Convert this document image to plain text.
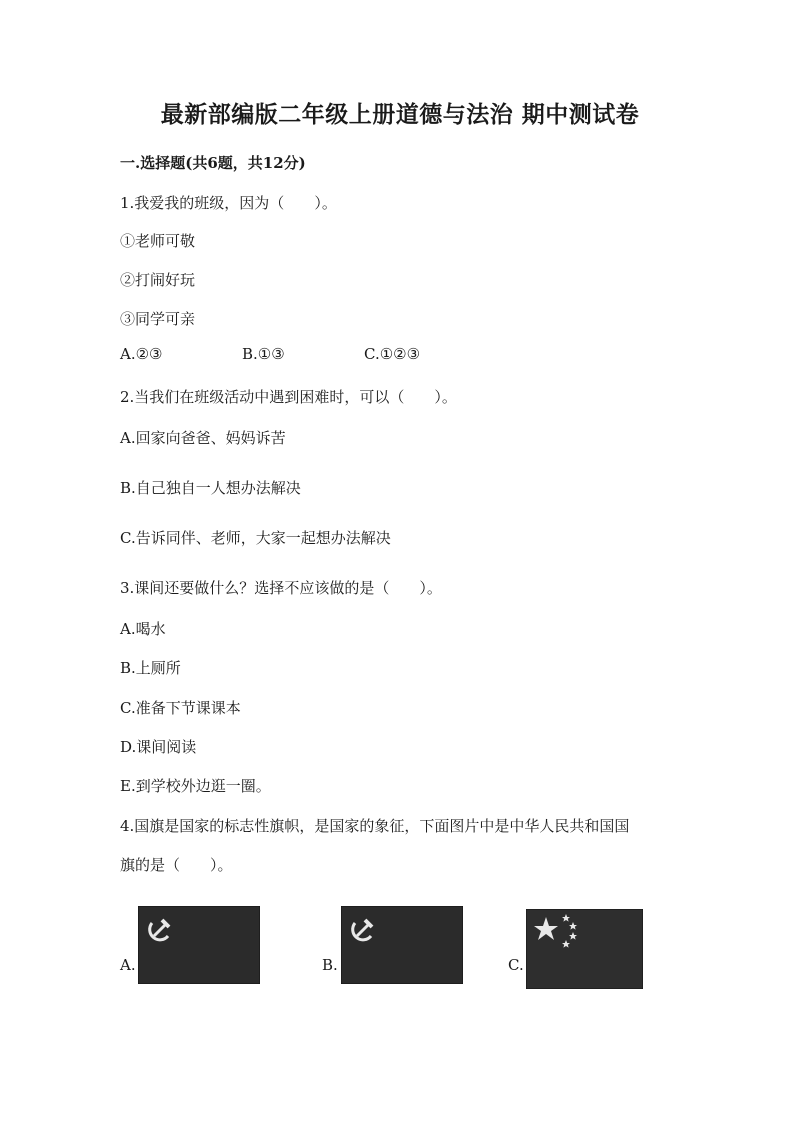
最新部编版二年级上册道德与法治 期中测试卷
一.选择题(共6题，共12分)
1.我爱我的班级，因为（　　）。
①老师可敬
②打闹好玩
③同学可亲
A.②③	B.①③	C.①②③
2.当我们在班级活动中遇到困难时，可以（　　）。
A.回家向爸爸、妈妈诉苦
B.自己独自一人想办法解决
C.告诉同伴、老师，大家一起想办法解决
3.课间还要做什么？选择不应该做的是（　　）。
A.喝水
B.上厕所
C.准备下节课课本
D.课间阅读
E.到学校外边逛一圈。
4.国旗是国家的标志性旗帜，是国家的象征，下面图片中是中华人民共和国国
旗的是（　　）。
A.	B.	C.
